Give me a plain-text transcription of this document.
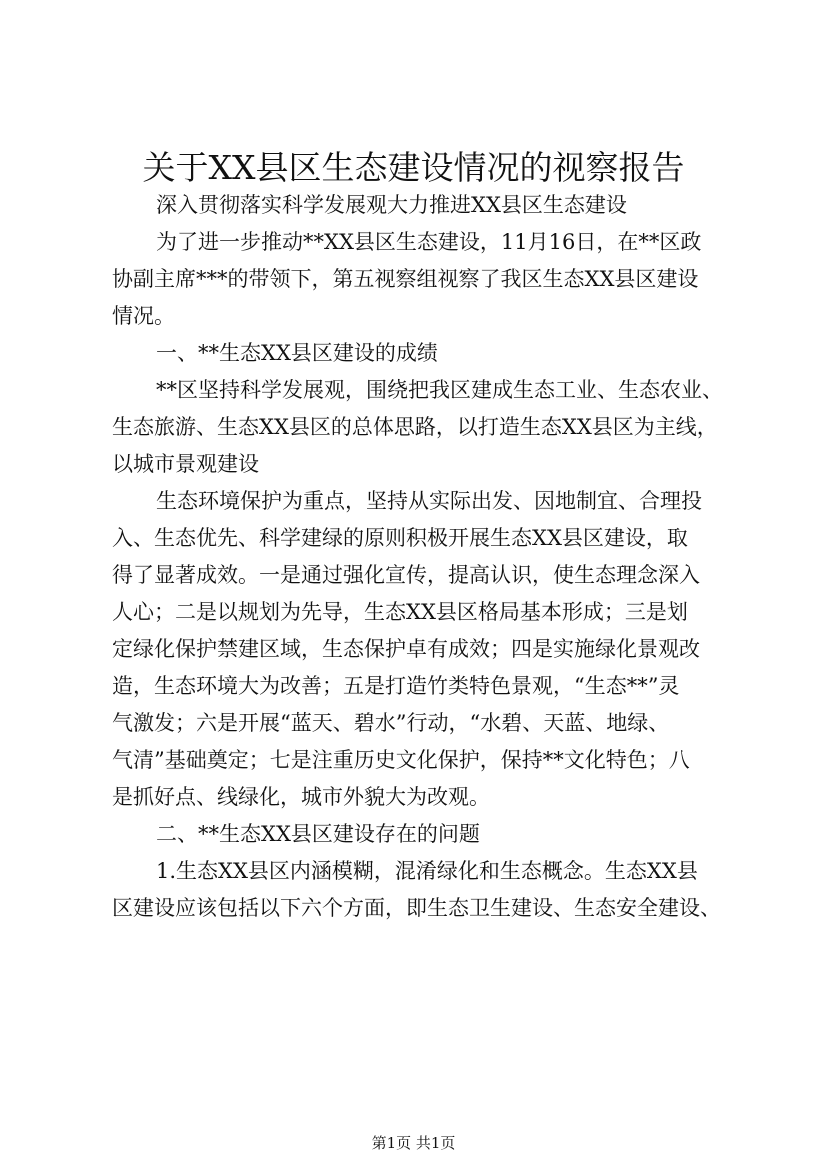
关于XX县区生态建设情况的视察报告
深入贯彻落实科学发展观大力推进XX县区生态建设
为了进一步推动**XX县区生态建设，11月16日，在**区政
协副主席***的带领下，第五视察组视察了我区生态XX县区建设
情况。
一、**生态XX县区建设的成绩
**区坚持科学发展观，围绕把我区建成生态工业、生态农业、
生态旅游、生态XX县区的总体思路，以打造生态XX县区为主线，
以城市景观建设
生态环境保护为重点，坚持从实际出发、因地制宜、合理投
入、生态优先、科学建绿的原则积极开展生态XX县区建设，取
得了显著成效。一是通过强化宣传，提高认识，使生态理念深入
人心；二是以规划为先导，生态XX县区格局基本形成；三是划
定绿化保护禁建区域，生态保护卓有成效；四是实施绿化景观改
造，生态环境大为改善；五是打造竹类特色景观，“生态**”灵
气激发；六是开展“蓝天、碧水”行动，“水碧、天蓝、地绿、
气清”基础奠定；七是注重历史文化保护，保持**文化特色；八
是抓好点、线绿化，城市外貌大为改观。
二、**生态XX县区建设存在的问题
1.生态XX县区内涵模糊，混淆绿化和生态概念。生态XX县
区建设应该包括以下六个方面，即生态卫生建设、生态安全建设、
第1页 共1页
